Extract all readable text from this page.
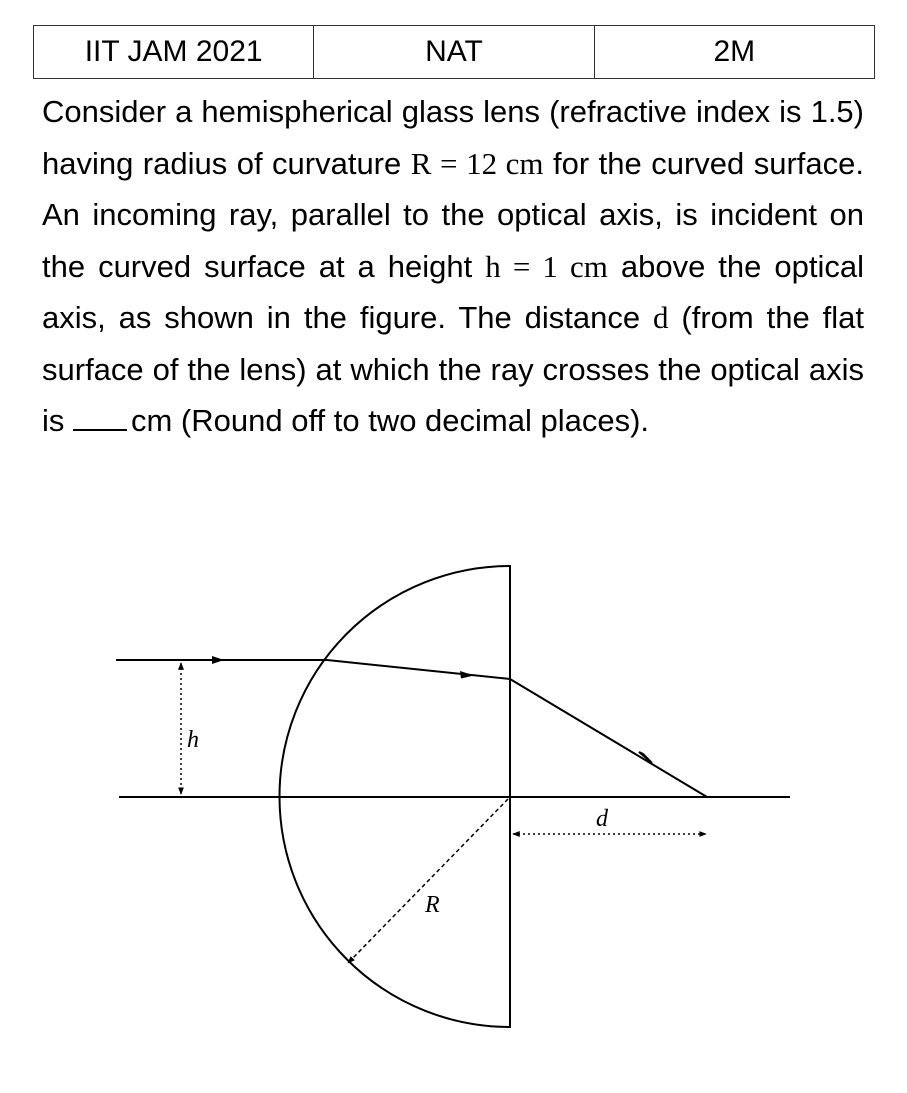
IIT JAM 2021	NAT	2M

Consider a hemispherical glass lens (refractive index is 1.5) having radius of curvature R = 12 cm for the curved surface. An incoming ray, parallel to the optical axis, is incident on the curved surface at a height h = 1 cm above the optical axis, as shown in the figure. The distance d (from the flat surface of the lens) at which the ray crosses the optical axis is cm (Round off to two decimal places).

h
R
d
